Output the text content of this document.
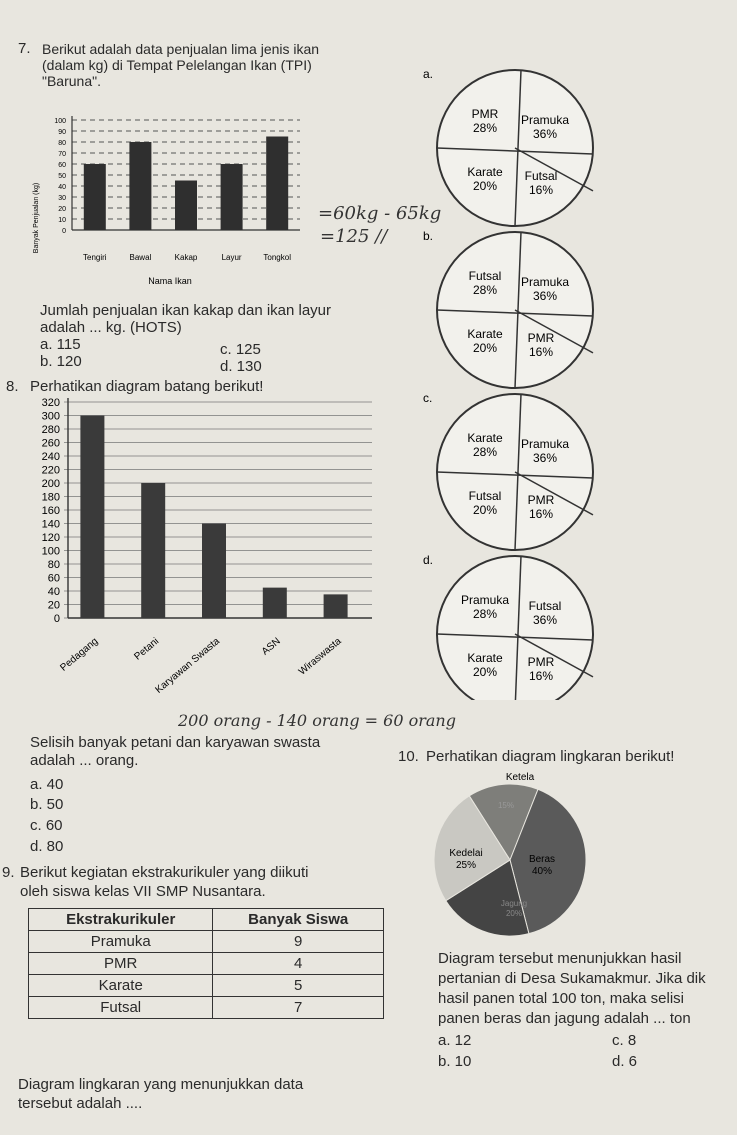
7. Berikut adalah data penjualan lima jenis ikan
(dalam kg) di Tempat Pelelangan Ikan (TPI)
"Baruna".
0
10
20
30
40
50
60
70
80
90
100
Tengiri	Bawal	Kakap	Layur	Tongkol
Banyak Penjualan (kg)
Nama Ikan
=60kg - 65kg
=125 //
Jumlah penjualan ikan kakap dan ikan layur
adalah ... kg. (HOTS)
a. 115
b. 120
c. 125
d. 130
8. Perhatikan diagram batang berikut!
0
20
40
60
80
100
120
140
160
180
200
220
240
260
280
300
320
Pedagang	Petani
Karyawan Swasta	ASN Wiraswasta
200 orang - 140 orang = 60 orang
Selisih banyak petani dan karyawan swasta
adalah ... orang.
a. 40
b. 50
c. 60
d. 80
9. Berikut kegiatan ekstrakurikuler yang diikuti
oleh siswa kelas VII SMP Nusantara.
Ekstrakurikuler	Banyak Siswa
Pramuka	9
PMR	4
Karate	5
Futsal	7
Diagram lingkaran yang menunjukkan data
tersebut adalah ....
a.
PMR
28%
Pramuka
36%
Karate
20%
Futsal
16%
b.
Futsal
28%
Pramuka
36%
Karate
20%
PMR
16%
c.
Karate
28%
Pramuka
36%
Futsal
20%
PMR
16%
d.
Pramuka
28%
Futsal
36%
Karate
20%
PMR
16%
10. Perhatikan diagram lingkaran berikut!
Ketela
15%
Kedelai
25%
Beras
40%
Jagung
20%
Diagram tersebut menunjukkan hasil
pertanian di Desa Sukamakmur. Jika dik
hasil panen total 100 ton, maka selisi
panen beras dan jagung adalah ... ton
a. 12
b. 10
c. 8
d. 6
